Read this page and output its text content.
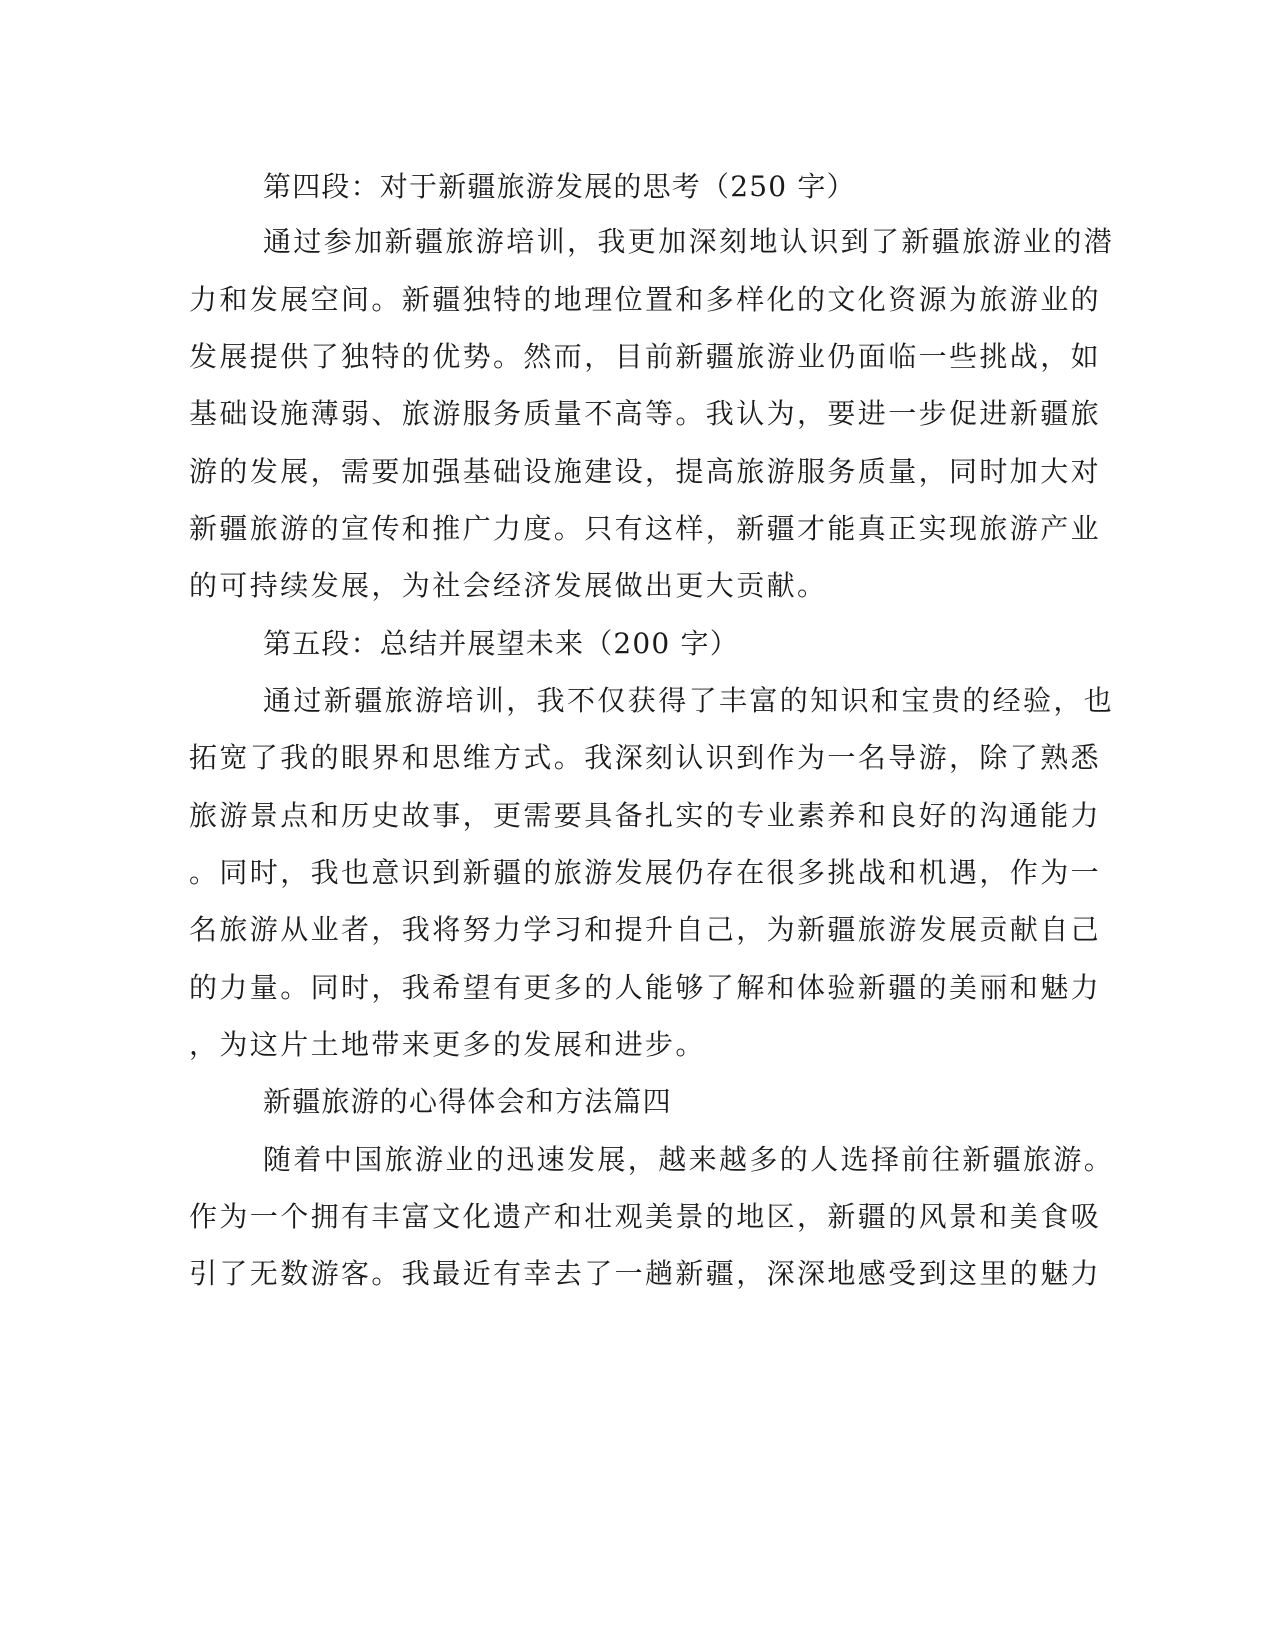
第四段：对于新疆旅游发展的思考（250 字）
通过参加新疆旅游培训，我更加深刻地认识到了新疆旅游业的潜
力和发展空间。新疆独特的地理位置和多样化的文化资源为旅游业的
发展提供了独特的优势。然而，目前新疆旅游业仍面临一些挑战，如
基础设施薄弱、旅游服务质量不高等。我认为，要进一步促进新疆旅
游的发展，需要加强基础设施建设，提高旅游服务质量，同时加大对
新疆旅游的宣传和推广力度。只有这样，新疆才能真正实现旅游产业
的可持续发展，为社会经济发展做出更大贡献。
第五段：总结并展望未来（200 字）
通过新疆旅游培训，我不仅获得了丰富的知识和宝贵的经验，也
拓宽了我的眼界和思维方式。我深刻认识到作为一名导游，除了熟悉
旅游景点和历史故事，更需要具备扎实的专业素养和良好的沟通能力
。同时，我也意识到新疆的旅游发展仍存在很多挑战和机遇，作为一
名旅游从业者，我将努力学习和提升自己，为新疆旅游发展贡献自己
的力量。同时，我希望有更多的人能够了解和体验新疆的美丽和魅力
，为这片土地带来更多的发展和进步。
新疆旅游的心得体会和方法篇四
随着中国旅游业的迅速发展，越来越多的人选择前往新疆旅游。
作为一个拥有丰富文化遗产和壮观美景的地区，新疆的风景和美食吸
引了无数游客。我最近有幸去了一趟新疆，深深地感受到这里的魅力
